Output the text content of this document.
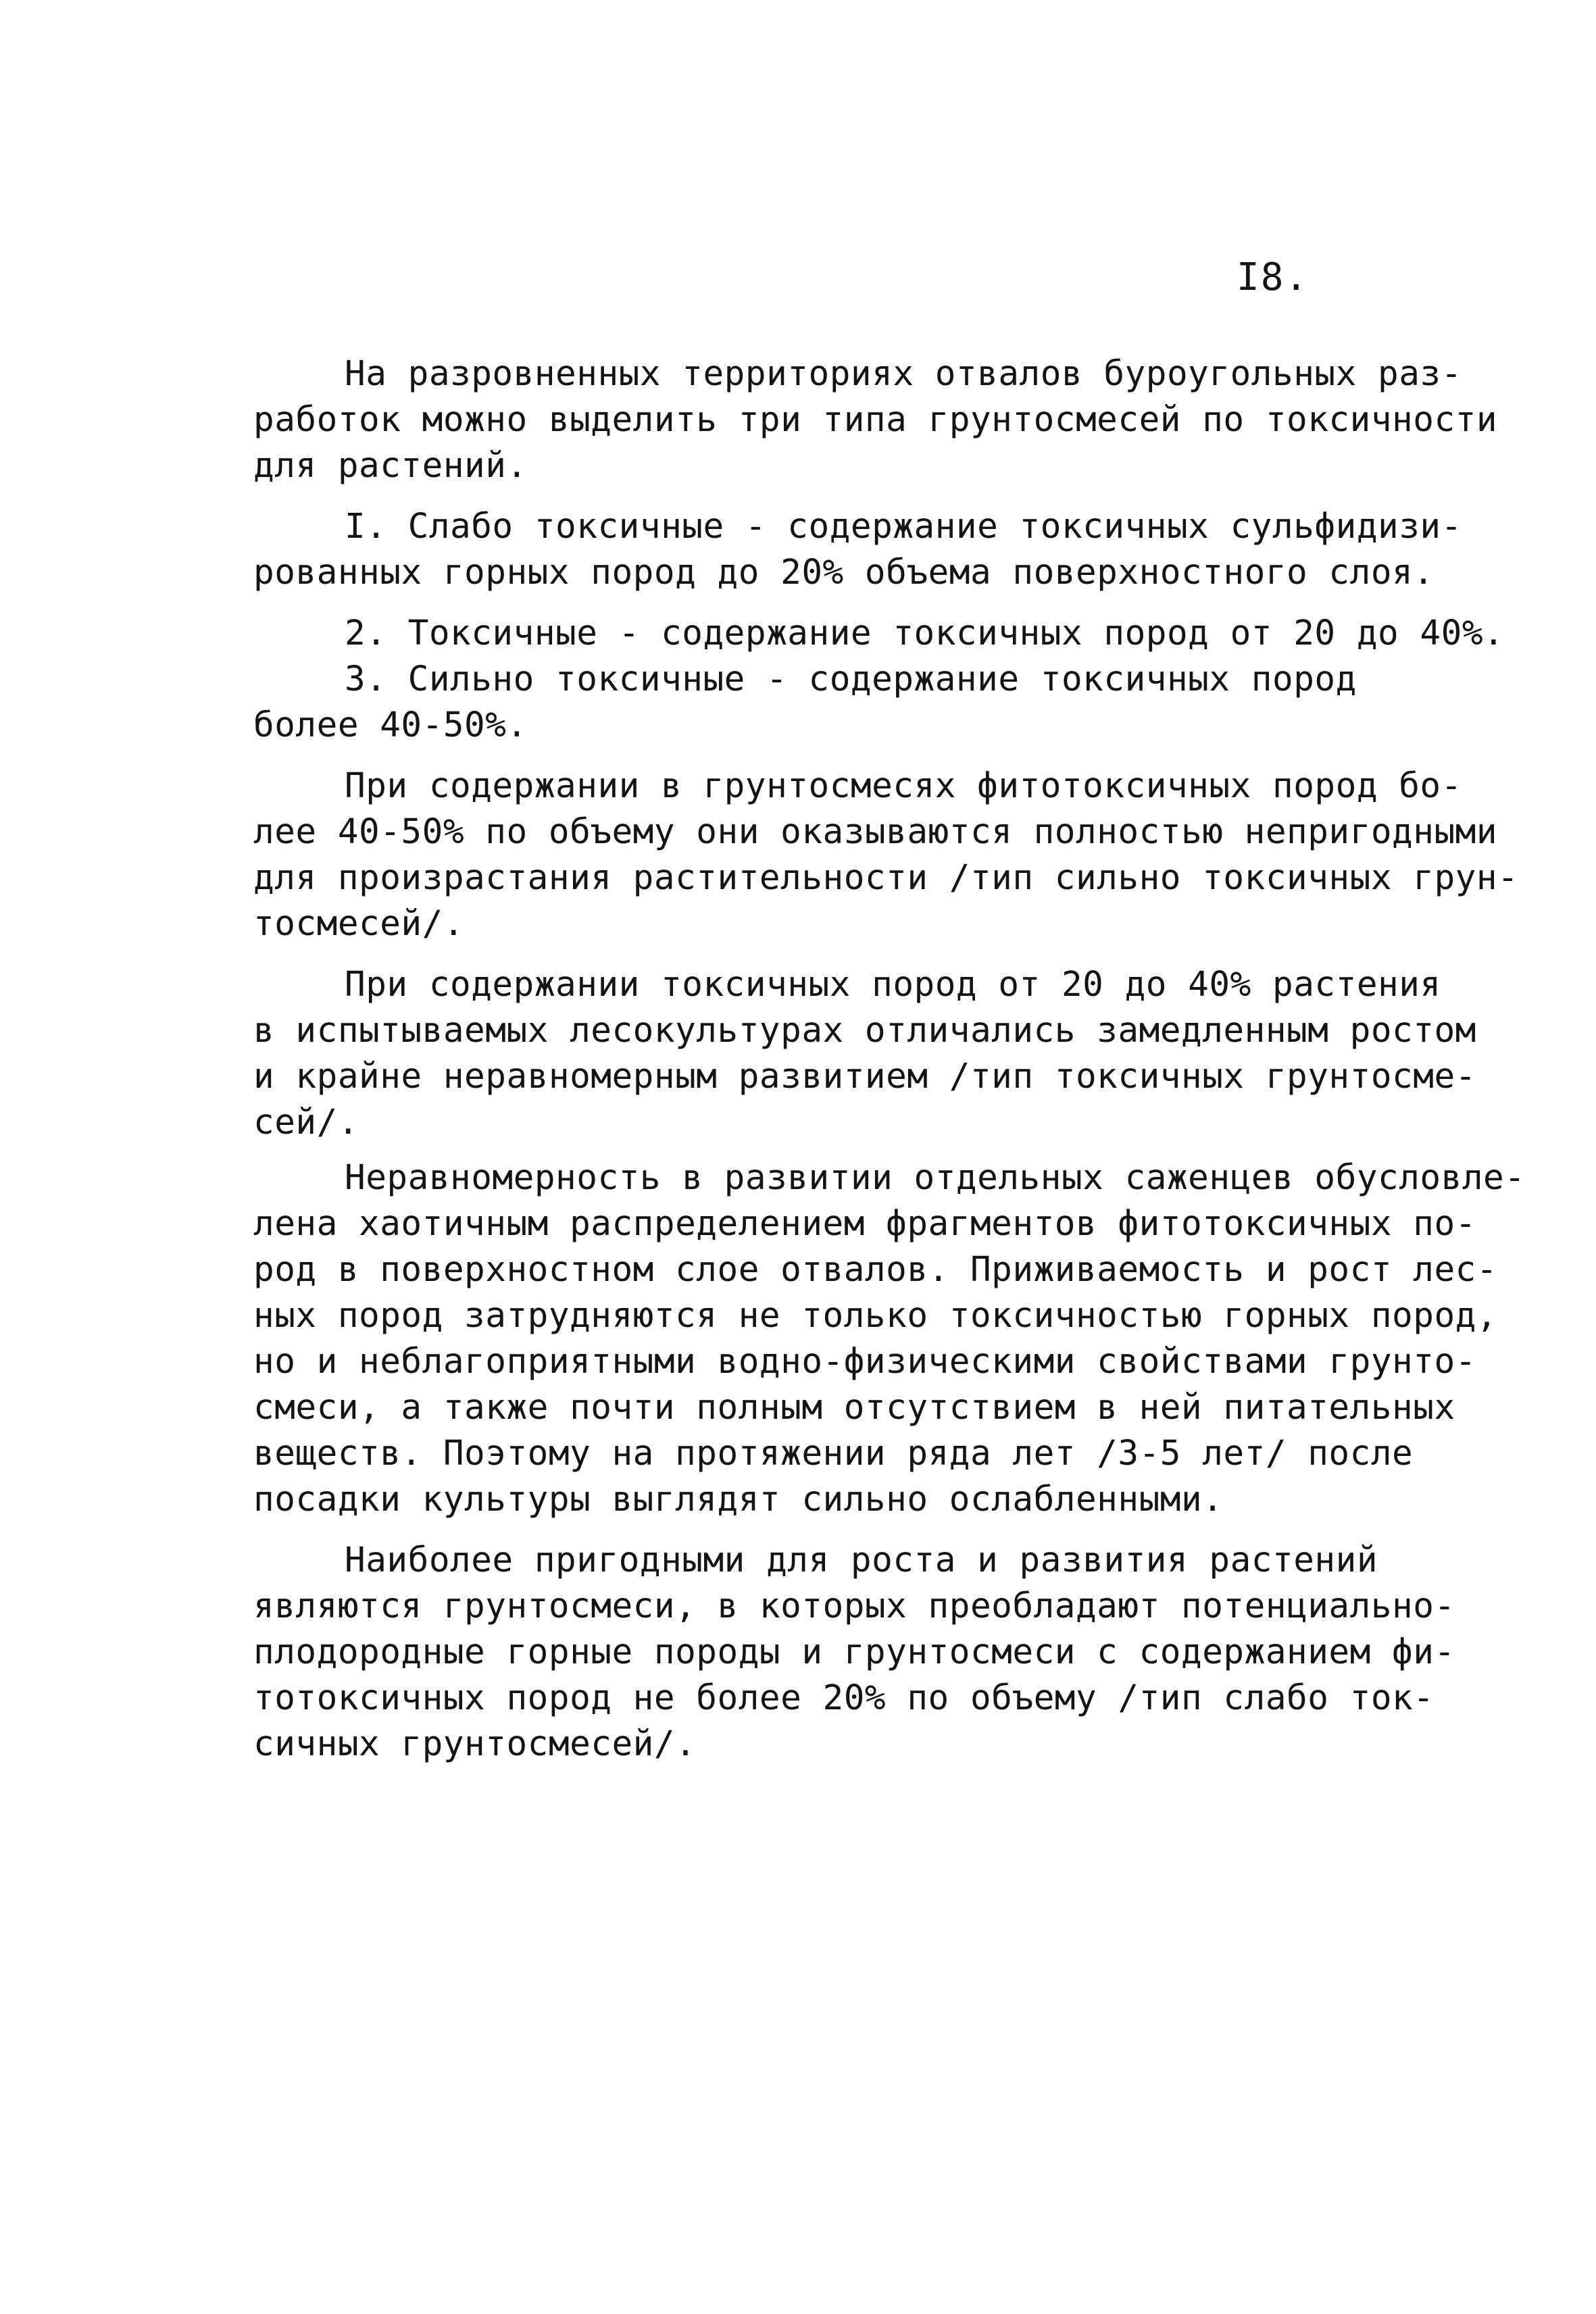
I8.
На разровненных территориях отвалов буроугольных раз-
работок можно выделить три типа грунтосмесей по токсичности
для растений.
I. Слабо токсичные - содержание токсичных сульфидизи-
рованных горных пород до 20% объема поверхностного слоя.
2. Токсичные - содержание токсичных пород от 20 до 40%.
3. Сильно токсичные - содержание токсичных пород
более 40-50%.
При содержании в грунтосмесях фитотоксичных пород бо-
лее 40-50% по объему они оказываются полностью непригодными
для произрастания растительности /тип сильно токсичных грун-
тосмесей/.
При содержании токсичных пород от 20 до 40% растения
в испытываемых лесокультурах отличались замедленным ростом
и крайне неравномерным развитием /тип токсичных грунтосме-
сей/.
Неравномерность в развитии отдельных саженцев обусловле-
лена хаотичным распределением фрагментов фитотоксичных по-
род в поверхностном слое отвалов. Приживаемость и рост лес-
ных пород затрудняются не только токсичностью горных пород,
но и неблагоприятными водно-физическими свойствами грунто-
смеси, а также почти полным отсутствием в ней питательных
веществ. Поэтому на протяжении ряда лет /3-5 лет/ после
посадки культуры выглядят сильно ослабленными.
Наиболее пригодными для роста и развития растений
являются грунтосмеси, в которых преобладают потенциально-
плодородные горные породы и грунтосмеси с содержанием фи-
тотоксичных пород не более 20% по объему /тип слабо ток-
сичных грунтосмесей/.
